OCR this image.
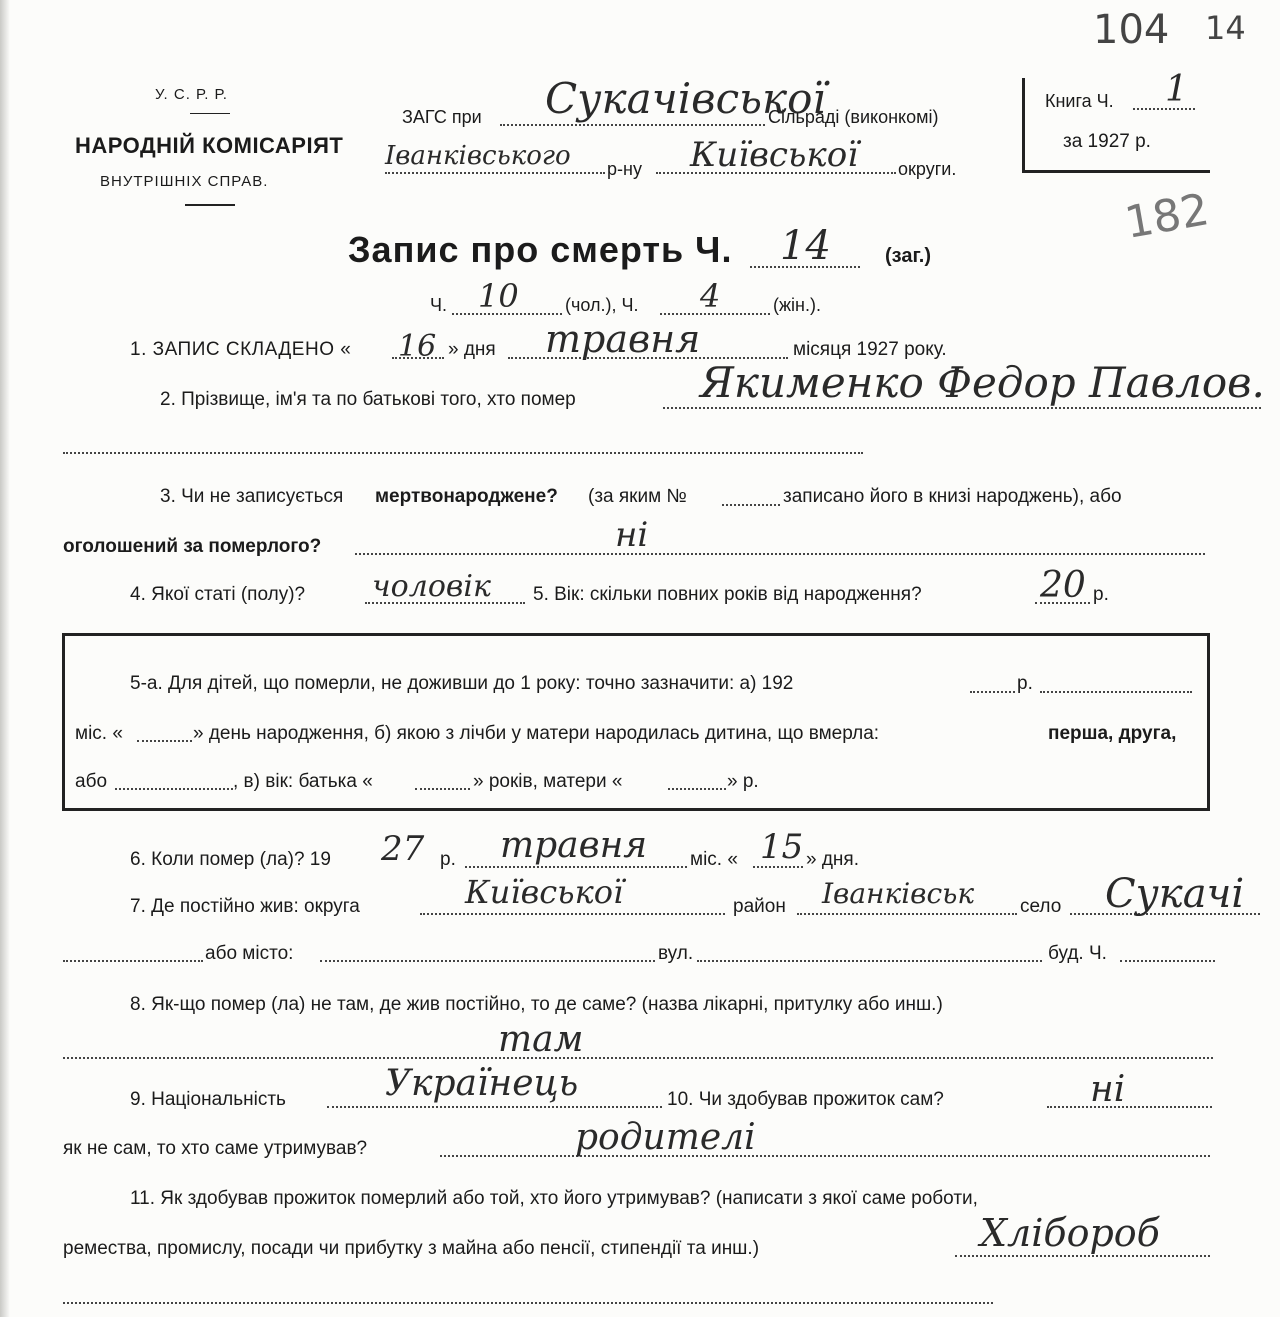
104 14
182
У. С. Р. Р.
НАРОДНІЙ КОМІСАРІЯТ
ВНУТРІШНІХ СПРАВ.
ЗАГС при Сукачівської
Сільраді (виконкомі)
Іванківського р-ну Київської округи.
Книга Ч. 1
за 1927 р.
Запис про смерть Ч. 14	(заг.)
Ч. 10	(чол.), Ч. 4	(жін.).
1. ЗАПИС СКЛАДЕНО « 16 » дня травня	місяця 1927 року.
2. Прізвище, ім'я та по батькові того, хто помер	Якименко Федор Павлов.
3. Чи не записується мертвонароджене? (за яким №	записано його в книзі народжень), або
оголошений за померлого?	ні
4. Якої статі (полу)? чоловік 5. Вік: скільки повних років від народження?	20 р.
5-а. Для дітей, що померли, не доживши до 1 року: точно зазначити: а) 192	р.
міс. «	» день народження, б) якою з лічби у матери народилась дитина, що вмерла:	перша, друга,
або	, в) вік: батька «	» років, матери «	» р.
6. Коли помер (ла)? 19 27 р. травня міс. « 15 » дня.
7. Де постійно жив: округа	Київської	район Іванківськ село Сукачі
або місто:	вул.	буд. Ч.
8. Як-що помер (ла) не там, де жив постійно, то де саме? (назва лікарні, притулку або инш.)
там
9. Національність	Українець	10. Чи здобував прожиток сам?	ні
як не сам, то хто саме утримував?	родителі
11. Як здобував прожиток померлий або той, хто його утримував? (написати з якої саме роботи,
ремества, промислу, посади чи прибутку з майна або пенсії, стипендії та инш.)	Хлібороб
